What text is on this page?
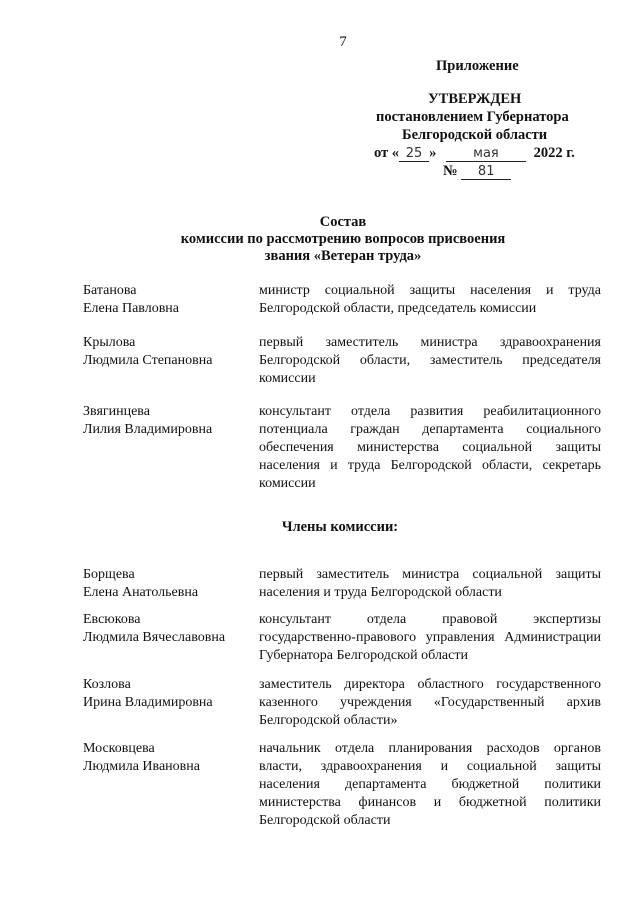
7
Приложение
УТВЕРЖДЕН
постановлением Губернатора
Белгородской области
от « 25 »	мая 2022 г.
№ 81
Состав
комиссии по рассмотрению вопросов присвоения
звания «Ветеран труда»
Батанова
Елена Павловна
министр социальной защиты населения и труда Белгородской области, председатель комиссии
Крылова
Людмила Степановна
первый заместитель министра здравоохранения Белгородской области, заместитель председателя комиссии
Звягинцева
Лилия Владимировна
консультант отдела развития реабилитационного потенциала граждан департамента социального обеспечения министерства социальной защиты населения и труда Белгородской области, секретарь комиссии
Члены комиссии:
Борщева
Елена Анатольевна
первый заместитель министра социальной защиты населения и труда Белгородской области
Евсюкова
Людмила Вячеславовна
консультант отдела правовой экспертизы государственно-правового управления Администрации Губернатора Белгородской области
Козлова
Ирина Владимировна
заместитель директора областного государственного казенного учреждения «Государственный архив Белгородской области»
Московцева
Людмила Ивановна
начальник отдела планирования расходов органов власти, здравоохранения и социальной защиты населения департамента бюджетной политики министерства финансов и бюджетной политики Белгородской области
